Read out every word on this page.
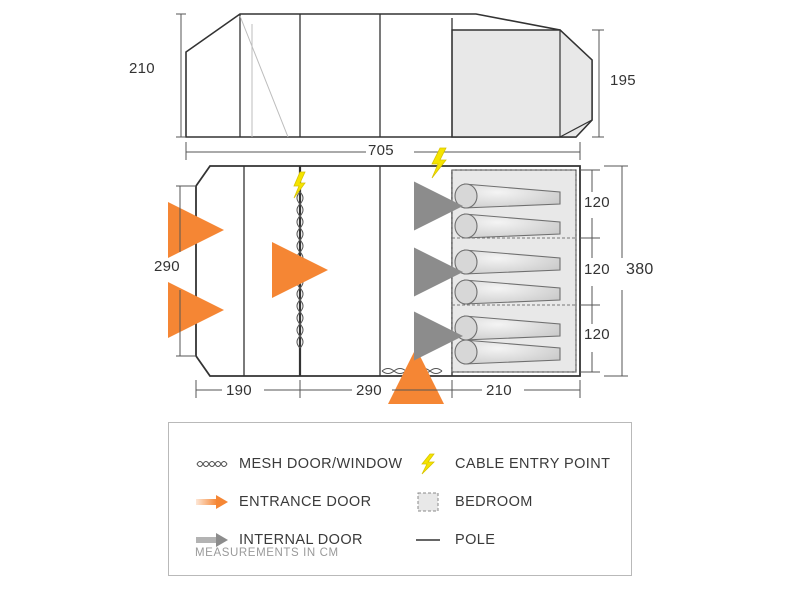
210
195
705
290
120
120
120
380
190	290	210
MESH DOOR/WINDOW	CABLE ENTRY POINT
ENTRANCE DOOR	BEDROOM
INTERNAL DOOR	POLE
MEASUREMENTS IN CM
